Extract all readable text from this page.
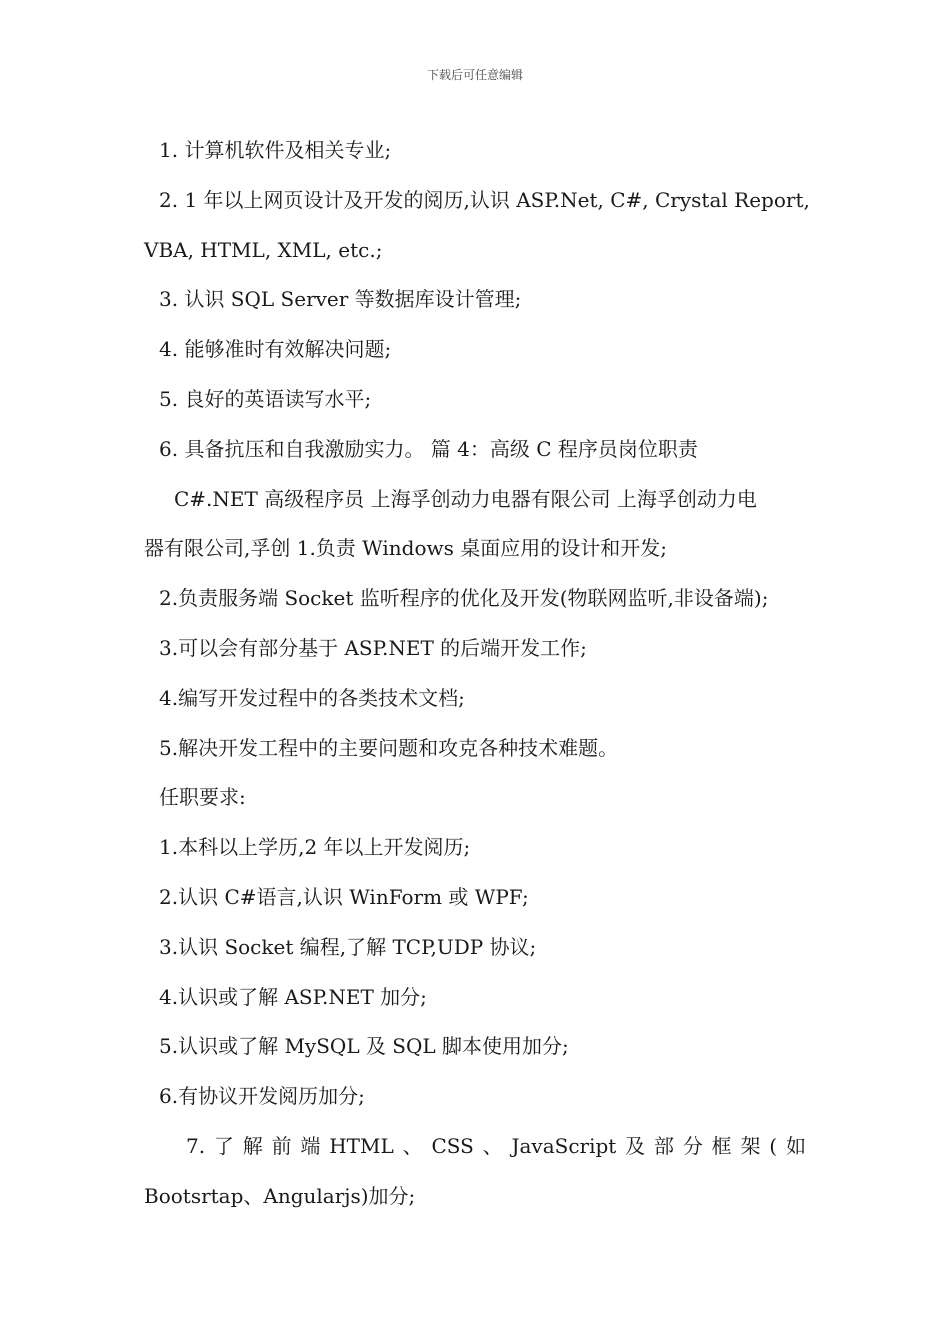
下载后可任意编辑
1. 计算机软件及相关专业;
2. 1 年以上网页设计及开发的阅历,认识 ASP.Net, C#, Crystal Report,
VBA, HTML, XML, etc.;
3. 认识 SQL Server 等数据库设计管理;
4. 能够准时有效解决问题;
5. 良好的英语读写水平;
6. 具备抗压和自我激励实力。 篇 4：高级 C 程序员岗位职责
C#.NET 高级程序员 上海孚创动力电器有限公司 上海孚创动力电
器有限公司,孚创 1.负责 Windows 桌面应用的设计和开发;
2.负责服务端 Socket 监听程序的优化及开发(物联网监听,非设备端);
3.可以会有部分基于 ASP.NET 的后端开发工作;
4.编写开发过程中的各类技术文档;
5.解决开发工程中的主要问题和攻克各种技术难题。
任职要求:
1.本科以上学历,2 年以上开发阅历;
2.认识 C#语言,认识 WinForm 或 WPF;
3.认识 Socket 编程,了解 TCP,UDP 协议;
4.认识或了解 ASP.NET 加分;
5.认识或了解 MySQL 及 SQL 脚本使用加分;
6.有协议开发阅历加分;
7. 了 解 前 端 HTML 、 CSS 、 JavaScript 及 部 分 框 架 ( 如
Bootsrtap、Angularjs)加分;
